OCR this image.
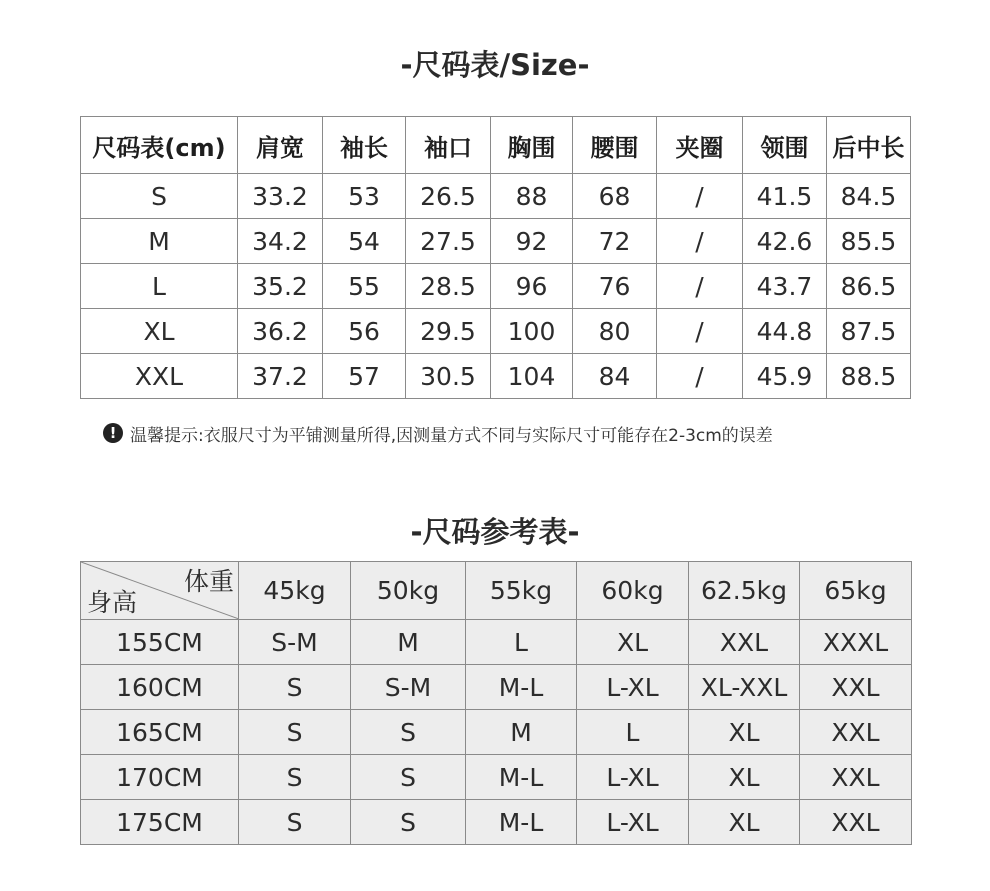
-尺码表/Size-
尺码表(cm)	肩宽	袖长	袖口	胸围	腰围	夹圈	领围	后中长
S	33.2	53	26.5	88	68	/	41.5	84.5
M	34.2	54	27.5	92	72	/	42.6	85.5
L	35.2	55	28.5	96	76	/	43.7	86.5
XL	36.2	56	29.5	100	80	/	44.8	87.5
XXL	37.2	57	30.5	104	84	/	45.9	88.5
! 温馨提示:衣服尺寸为平铺测量所得,因测量方式不同与实际尺寸可能存在2-3cm的误差
-尺码参考表-
体重
身高	45kg	50kg	55kg	60kg	62.5kg	65kg
155CM	S-M	M	L	XL	XXL	XXXL
160CM	S	S-M	M-L	L-XL	XL-XXL	XXL
165CM	S	S	M	L	XL	XXL
170CM	S	S	M-L	L-XL	XL	XXL
175CM	S	S	M-L	L-XL	XL	XXL
